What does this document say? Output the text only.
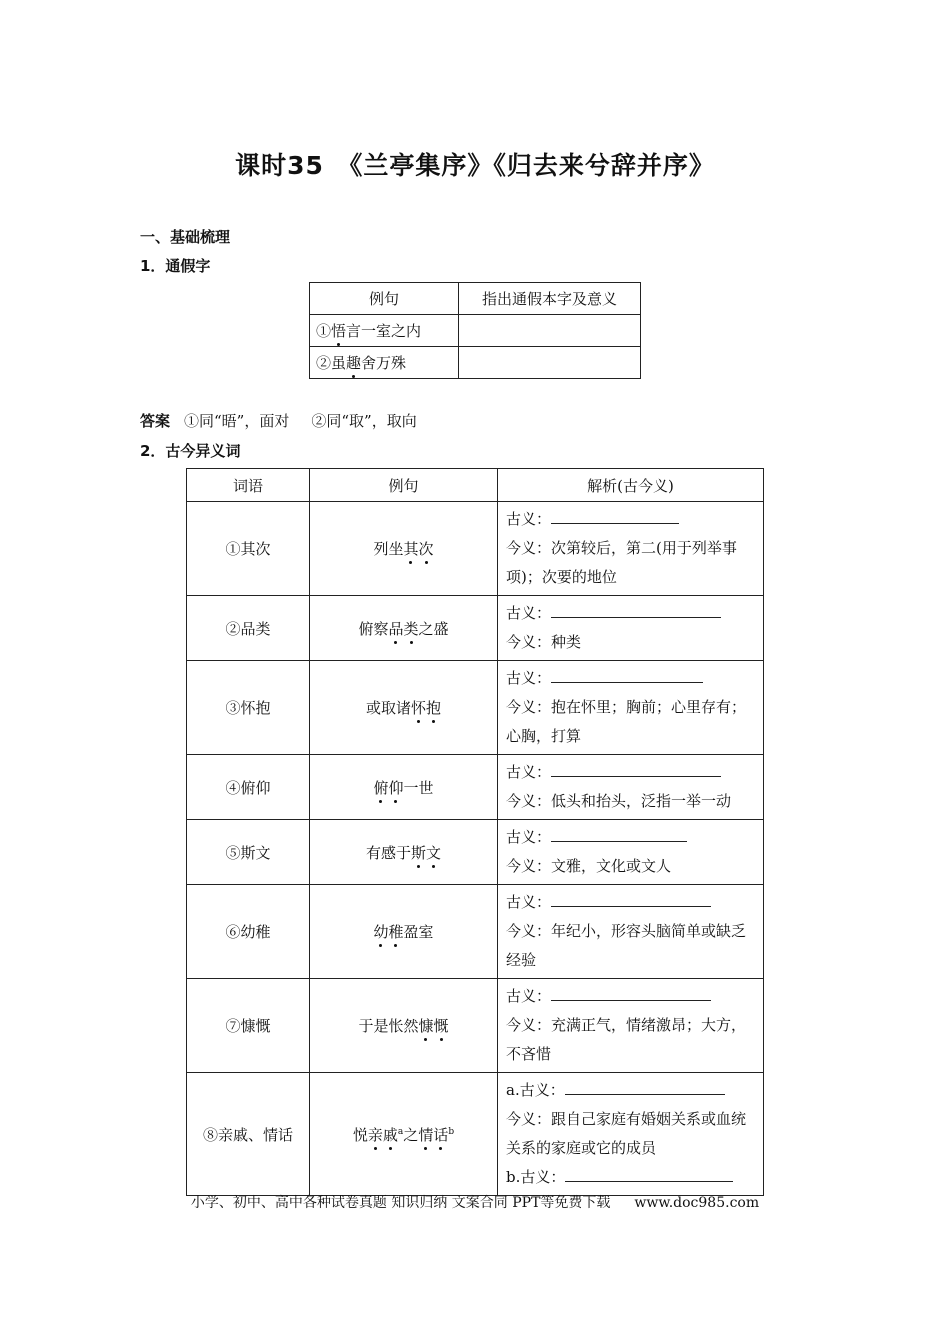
课时35　《兰亭集序》《归去来兮辞并序》
一、基础梳理
1．通假字
例句	指出通假本字及意义
①悟言一室之内	
②虽趣舍万殊	
答案 ①同“晤”，面对 ②同“取”，取向
2．古今异义词
词语	例句	解析(古今义)
①其次	列坐其次	古义：
今义：次第较后，第二(用于列举事项)；次要的地位

②品类	俯察品类之盛	古义：
今义：种类

③怀抱	或取诸怀抱	古义：
今义：抱在怀里；胸前；心里存有；心胸，打算

④俯仰	俯仰一世	古义：
今义：低头和抬头，泛指一举一动

⑤斯文	有感于斯文	古义：
今义：文雅，文化或文人

⑥幼稚	幼稚盈室	古义：
今义：年纪小，形容头脑简单或缺乏经验

⑦慷慨	于是怅然慷慨	古义：
今义：充满正气，情绪激昂；大方，不吝惜

⑧亲戚、情话	悦亲戚$^a$之情话$^b$	a.古义：
今义：跟自己家庭有婚姻关系或血统关系的家庭或它的成员
b.古义：
小学、初中、高中各种试卷真题 知识归纳 文案合同 PPT等免费下载 www.doc985.com
